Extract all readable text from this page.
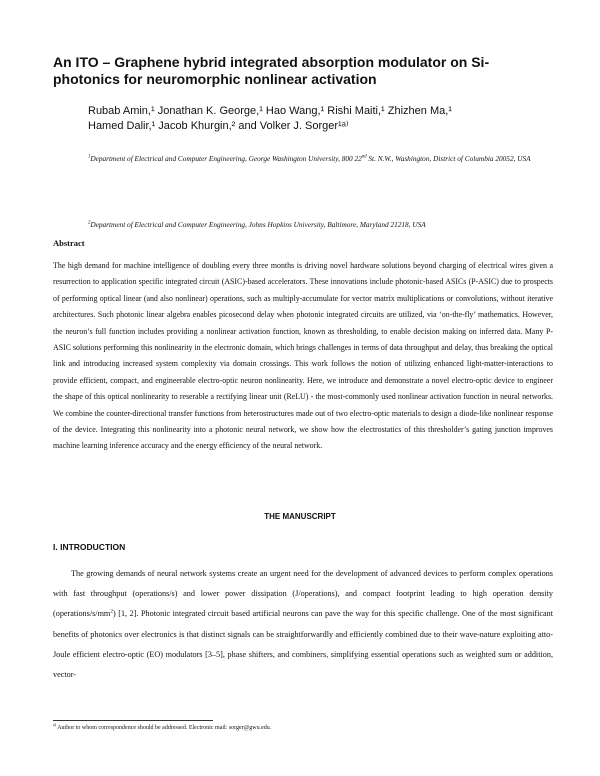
An ITO – Graphene hybrid integrated absorption modulator on Si-photonics for neuromorphic nonlinear activation
Rubab Amin,¹ Jonathan K. George,¹ Hao Wang,¹ Rishi Maiti,¹ Zhizhen Ma,¹
Hamed Dalir,¹ Jacob Khurgin,² and Volker J. Sorger¹ᵃ⁾
$^1$Department of Electrical and Computer Engineering, George Washington University, 800 22nd St. N.W., Washington, District of Columbia 20052, USA
$^2$Department of Electrical and Computer Engineering, Johns Hopkins University, Baltimore, Maryland 21218, USA
Abstract

The high demand for machine intelligence of doubling every three months is driving novel hardware solutions beyond charging of electrical wires given a resurrection to application specific integrated circuit (ASIC)-based accelerators. These innovations include photonic-based ASICs (P-ASIC) due to prospects of performing optical linear (and also nonlinear) operations, such as multiply-accumulate for vector matrix multiplications or convolutions, without iterative architectures. Such photonic linear algebra enables picosecond delay when photonic integrated circuits are utilized, via ‘on-the-fly’ mathematics. However, the neuron’s full function includes providing a nonlinear activation function, known as thresholding, to enable decision making on inferred data. Many P-ASIC solutions performing this nonlinearity in the electronic domain, which brings challenges in terms of data throughput and delay, thus breaking the optical link and introducing increased system complexity via domain crossings. This work follows the notion of utilizing enhanced light-matter-interactions to provide efficient, compact, and engineerable electro-optic neuron nonlinearity. Here, we introduce and demonstrate a novel electro-optic device to engineer the shape of this optical nonlinearity to reserable a rectifying linear unit (ReLU) - the most-commonly used nonlinear activation function in neural networks. We combine the counter-directional transfer functions from heterostructures made out of two electro-optic materials to design a diode-like nonlinear response of the device. Integrating this nonlinearity into a photonic neural network, we show how the electrostatics of this thresholder’s gating junction improves machine learning inference accuracy and the energy efficiency of the neural network.

THE MANUSCRIPT
I. INTRODUCTION

The growing demands of neural network systems create an urgent need for the development of advanced devices to perform complex operations with fast throughput (operations/s) and lower power dissipation (J/operations), and compact footprint leading to high operation density $(operations/s/mm^2)$ [1, 2]. Photonic integrated circuit based artificial neurons can pave the way for this specific challenge. One of the most significant benefits of photonics over electronics is that distinct signals can be straightforwardly and efficiently combined due to their wave-nature exploiting atto-Joule efficient electro-optic (EO) modulators [3–5], phase shifters, and combiners, simplifying essential operations such as weighted sum or addition, vector-

$^{a)}$ Author to whom correspondence should be addressed. Electronic mail: sorger@gwu.edu.
